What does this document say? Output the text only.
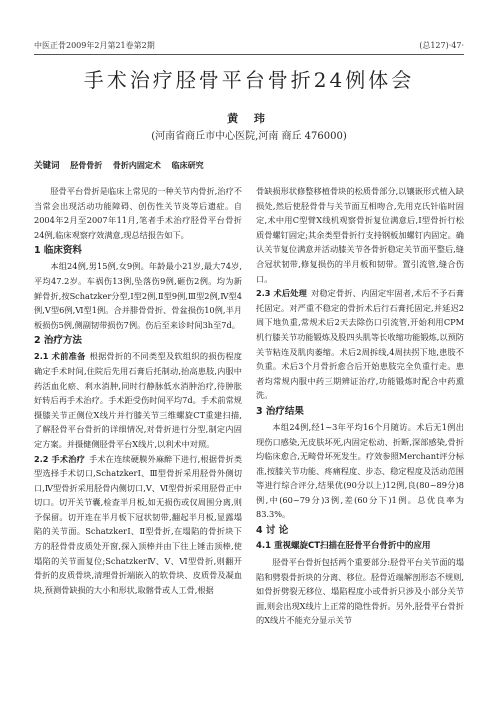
中医正骨2009年2月第21卷第2期	(总127)·47·
手术治疗胫骨平台骨折24例体会
黄 玮
(河南省商丘市中心医院,河南 商丘 476000)
关键词 胫骨骨折 骨折内固定术 临床研究

胫骨平台骨折是临床上常见的一种关节内骨折,治疗不当常会出现活动功能障碍、创伤性关节炎等后遗症。自2004年2月至2007年11月,笔者手术治疗胫骨平台骨折24例,临床观察疗效满意,现总结报告如下。

1 临床资料

本组24例,男15例,女9例。年龄最小21岁,最大74岁,平均47.2岁。车祸伤13例,坠落伤9例,砸伤2例。均为新鲜骨折,按Schatzker分型,Ⅰ型2例,Ⅱ型9例,Ⅲ型2例,Ⅳ型4例,Ⅴ型6例,Ⅵ型1例。合并腓骨骨折、骨盆损伤10例,半月板损伤5例,侧副韧带损伤7例。伤后至来诊时间3h至7d。

2 治疗方法

2.1 术前准备 根据骨折的不同类型及软组织的损伤程度确定手术时间,住院后先用石膏后托制动,抬高患肢,内服中药活血化瘀、利水消肿,同时行静脉低水消肿治疗,待肿胀好转后再手术治疗。手术距受伤时间平均7d。手术前常规摄膝关节正侧位X线片并行膝关节三维螺旋CT重建扫描,了解胫骨平台骨折的详细情况,对骨折进行分型,制定内固定方案。并摄健侧胫骨平台X线片,以利术中对照。

2.2 手术治疗 手术在连续硬膜外麻醉下进行,根据骨折类型选择手术切口,SchatzkerⅠ、Ⅲ型骨折采用胫骨外侧切口,Ⅳ型骨折采用胫骨内侧切口,Ⅴ、Ⅵ型骨折采用胫骨正中切口。切开关节囊,检查半月板,如无损伤或仅周围分离,则予保留。切开连在半月板下冠状韧带,翻起半月板,显露塌陷的关节面。SchatzkerⅠ、Ⅱ型骨折,在塌陷的骨折块下方的胫骨骨皮质处开窗,探入顶棒并由下往上锤击顶棒,使塌陷的关节面复位;SchatzkerⅣ、Ⅴ、Ⅵ型骨折,则翻开骨折的皮质骨块,清理骨折端嵌入的软骨块、皮质骨及凝血块,预测骨缺损的大小和形状,取髂骨或人工骨,根据

骨缺损形状修整移植骨块的松质骨部分,以镶嵌形式植入缺损处,然后使胫骨骨与关节面互相吻合,先用克氏针临时固定,术中用C型臂X线机观察骨折复位满意后,Ⅰ型骨折行松质骨螺钉固定;其余类型骨折行支持钢板加螺钉内固定。确认关节复位满意并活动膝关节各骨折稳定关节面平整后,缝合冠状韧带,修复损伤的半月板和韧带。置引流管,缝合伤口。

2.3 术后处理 对稳定骨折、内固定牢固者,术后不予石膏托固定。对严重不稳定的骨折术后行石膏托固定,并延迟2周下地负重,常规术后2天去除伤口引流管,开始利用CPM机行膝关节功能锻炼及股四头肌等长收缩功能锻炼,以预防关节粘连及肌肉萎缩。术后2周拆线,4周扶拐下地,患肢不负重。术后3个月骨折愈合后开始患肢完全负重行走。患者均常规内服中药三期辨证治疗,功能锻炼时配合中药熏洗。

3 治疗结果

本组24例,经1~3年平均16个月随访。术后无1例出现伤口感染,无皮肤坏死,内固定松动、折断,深部感染,骨折均临床愈合,无畸骨坏死发生。疗效参照Merchant评分标准,按膝关节功能、疼痛程度、步态、稳定程度及活动范围等进行综合评分,结果优(90分以上)12例,良(80~89分)8例,中(60~79分)3例,差(60分下)1例。总优良率为83.3%。

4 讨 论
4.1 重视螺旋CT扫描在胫骨平台骨折中的应用

胫骨平台骨折包括两个重要部分:胫骨平台关节面的塌陷和劈裂骨折块的分离、移位。胫骨近端解剖形态不规则,如骨折劈裂无移位、塌陷程度小或骨折只涉及小部分关节面,则会出现X线片上正常的隐性骨折。另外,胫骨平台骨折的X线片不能充分显示关节
